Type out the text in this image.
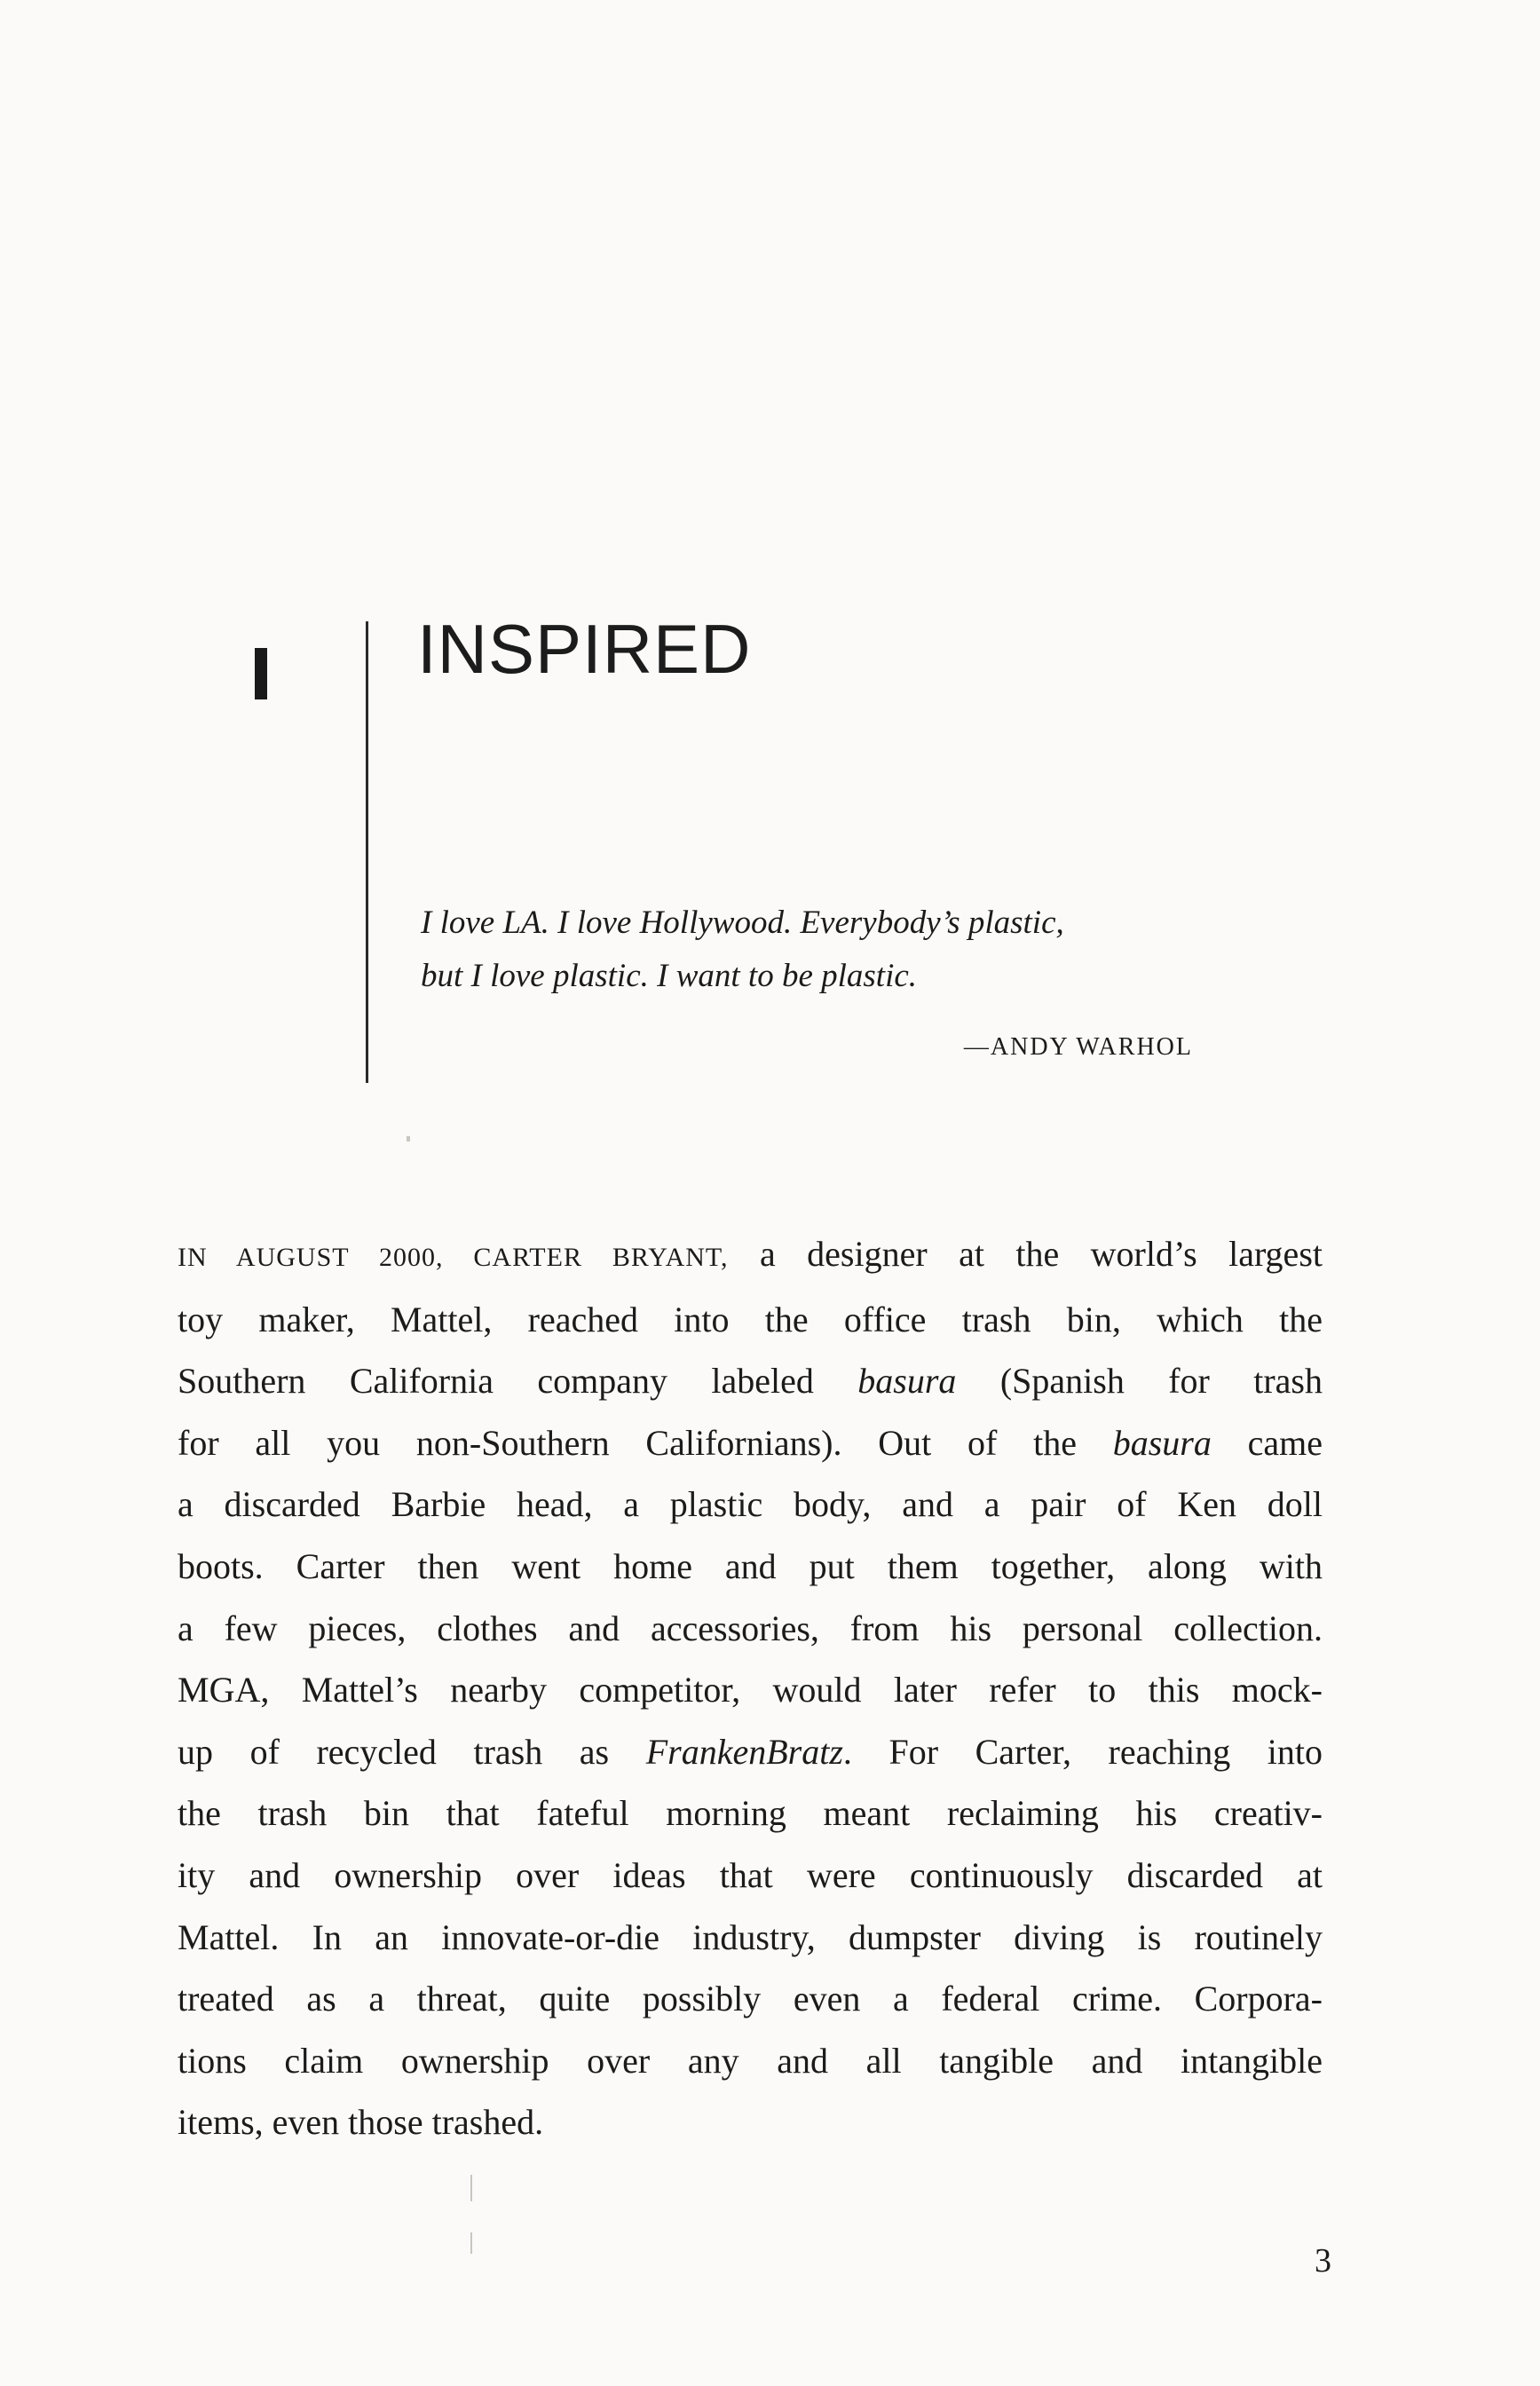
INSPIRED
I love LA. I love Hollywood. Everybody’s plastic,
but I love plastic. I want to be plastic.
—ANDY WARHOL
IN AUGUST 2000, CARTER BRYANT, a designer at the world’s largest
toy maker, Mattel, reached into the office trash bin, which the
Southern California company labeled basura (Spanish for trash
for all you non-Southern Californians). Out of the basura came
a discarded Barbie head, a plastic body, and a pair of Ken doll
boots. Carter then went home and put them together, along with
a few pieces, clothes and accessories, from his personal collection.
MGA, Mattel’s nearby competitor, would later refer to this mock-
up of recycled trash as FrankenBratz. For Carter, reaching into
the trash bin that fateful morning meant reclaiming his creativ-
ity and ownership over ideas that were continuously discarded at
Mattel. In an innovate-or-die industry, dumpster diving is routinely
treated as a threat, quite possibly even a federal crime. Corpora-
tions claim ownership over any and all tangible and intangible
items, even those trashed.
3
